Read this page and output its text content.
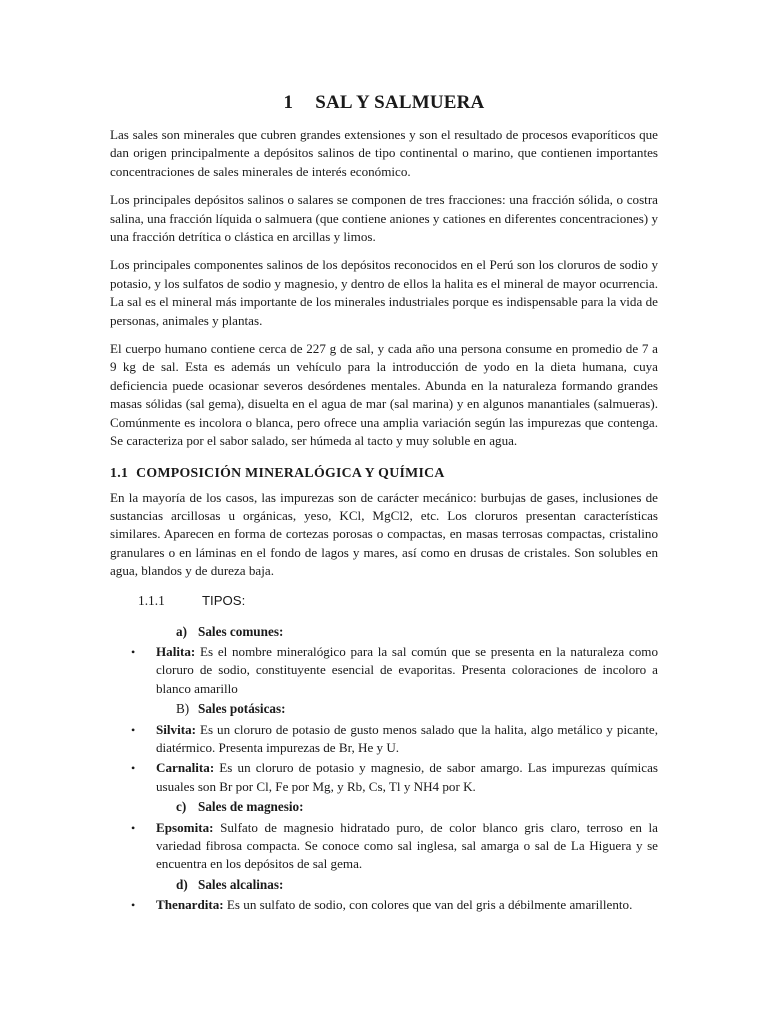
1 SAL Y SALMUERA

Las sales son minerales que cubren grandes extensiones y son el resultado de procesos evaporíticos que dan origen principalmente a depósitos salinos de tipo continental o marino, que contienen importantes concentraciones de sales minerales de interés económico.

Los principales depósitos salinos o salares se componen de tres fracciones: una fracción sólida, o costra salina, una fracción líquida o salmuera (que contiene aniones y cationes en diferentes concentraciones) y una fracción detrítica o clástica en arcillas y limos.

Los principales componentes salinos de los depósitos reconocidos en el Perú son los cloruros de sodio y potasio, y los sulfatos de sodio y magnesio, y dentro de ellos la halita es el mineral de mayor ocurrencia. La sal es el mineral más importante de los minerales industriales porque es indispensable para la vida de personas, animales y plantas.

El cuerpo humano contiene cerca de 227 g de sal, y cada año una persona consume en promedio de 7 a 9 kg de sal. Esta es además un vehículo para la introducción de yodo en la dieta humana, cuya deficiencia puede ocasionar severos desórdenes mentales. Abunda en la naturaleza formando grandes masas sólidas (sal gema), disuelta en el agua de mar (sal marina) y en algunos manantiales (salmueras). Comúnmente es incolora o blanca, pero ofrece una amplia variación según las impurezas que contenga. Se caracteriza por el sabor salado, ser húmeda al tacto y muy soluble en agua.

1.1 COMPOSICIÓN MINERALÓGICA Y QUÍMICA

En la mayoría de los casos, las impurezas son de carácter mecánico: burbujas de gases, inclusiones de sustancias arcillosas u orgánicas, yeso, KCl, MgCl2, etc. Los cloruros presentan características similares. Aparecen en forma de cortezas porosas o compactas, en masas terrosas compactas, cristalino granulares o en láminas en el fondo de lagos y mares, así como en drusas de cristales. Son solubles en agua, blandos y de dureza baja.

1.1.1	TIPOS:
a) Sales comunes:
• Halita: Es el nombre mineralógico para la sal común que se presenta en la naturaleza como cloruro de sodio, constituyente esencial de evaporitas. Presenta coloraciones de incoloro a blanco amarillo
B) Sales potásicas:
• Silvita: Es un cloruro de potasio de gusto menos salado que la halita, algo metálico y picante, diatérmico. Presenta impurezas de Br, He y U.
• Carnalita: Es un cloruro de potasio y magnesio, de sabor amargo. Las impurezas químicas usuales son Br por Cl, Fe por Mg, y Rb, Cs, Tl y NH4 por K.
c) Sales de magnesio:
• Epsomita: Sulfato de magnesio hidratado puro, de color blanco gris claro, terroso en la variedad fibrosa compacta. Se conoce como sal inglesa, sal amarga o sal de La Higuera y se encuentra en los depósitos de sal gema.
d) Sales alcalinas:
• Thenardita: Es un sulfato de sodio, con colores que van del gris a débilmente amarillento.
